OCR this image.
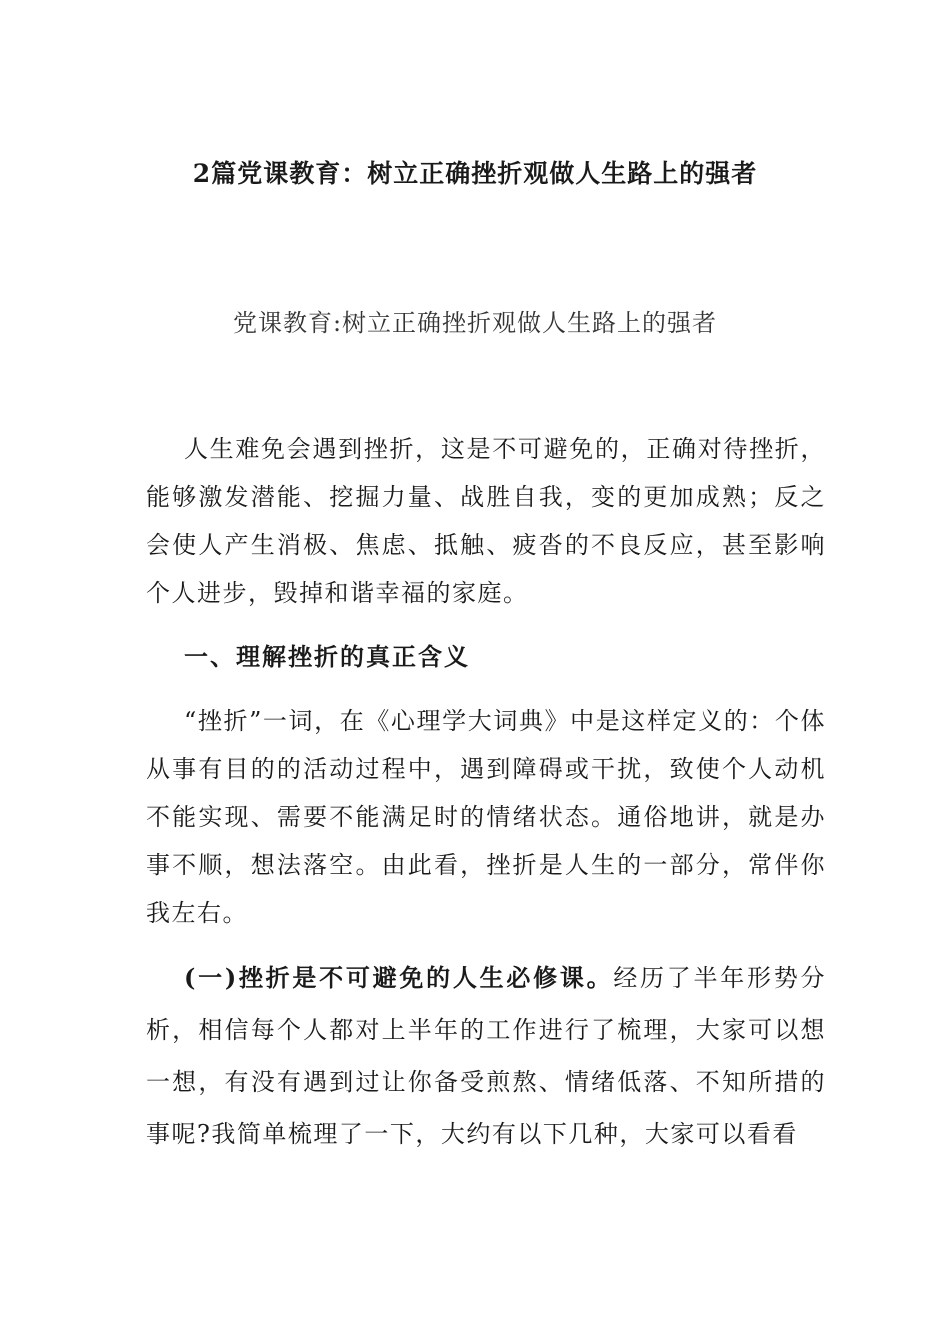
2篇党课教育：树立正确挫折观做人生路上的强者
党课教育:树立正确挫折观做人生路上的强者

人生难免会遇到挫折，这是不可避免的，正确对待挫折，能够激发潜能、挖掘力量、战胜自我，变的更加成熟；反之会使人产生消极、焦虑、抵触、疲沓的不良反应，甚至影响个人进步，毁掉和谐幸福的家庭。

一、理解挫折的真正含义

“挫折”一词，在《心理学大词典》中是这样定义的：个体从事有目的的活动过程中，遇到障碍或干扰，致使个人动机不能实现、需要不能满足时的情绪状态。通俗地讲，就是办事不顺，想法落空。由此看，挫折是人生的一部分，常伴你我左右。

(一)挫折是不可避免的人生必修课。经历了半年形势分析，相信每个人都对上半年的工作进行了梳理，大家可以想一想，有没有遇到过让你备受煎熬、情绪低落、不知所措的事呢?我简单梳理了一下，大约有以下几种，大家可以看看
